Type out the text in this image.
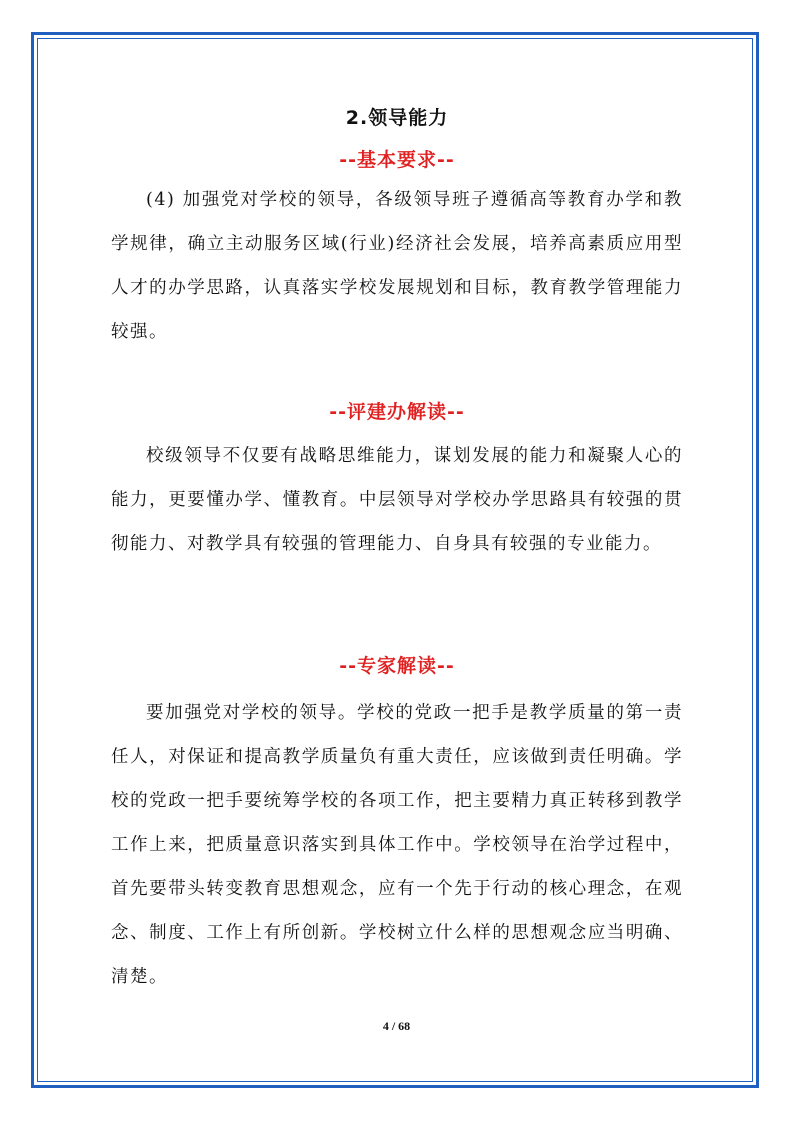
2.领导能力
--基本要求--

(4) 加强党对学校的领导，各级领导班子遵循高等教育办学和教学规律，确立主动服务区域(行业)经济社会发展，培养高素质应用型人才的办学思路，认真落实学校发展规划和目标，教育教学管理能力较强。

--评建办解读--

校级领导不仅要有战略思维能力，谋划发展的能力和凝聚人心的能力，更要懂办学、懂教育。中层领导对学校办学思路具有较强的贯彻能力、对教学具有较强的管理能力、自身具有较强的专业能力。

--专家解读--

要加强党对学校的领导。学校的党政一把手是教学质量的第一责任人，对保证和提高教学质量负有重大责任，应该做到责任明确。学校的党政一把手要统筹学校的各项工作，把主要精力真正转移到教学工作上来，把质量意识落实到具体工作中。学校领导在治学过程中，首先要带头转变教育思想观念，应有一个先于行动的核心理念，在观念、制度、工作上有所创新。学校树立什么样的思想观念应当明确、清楚。

4 / 68
